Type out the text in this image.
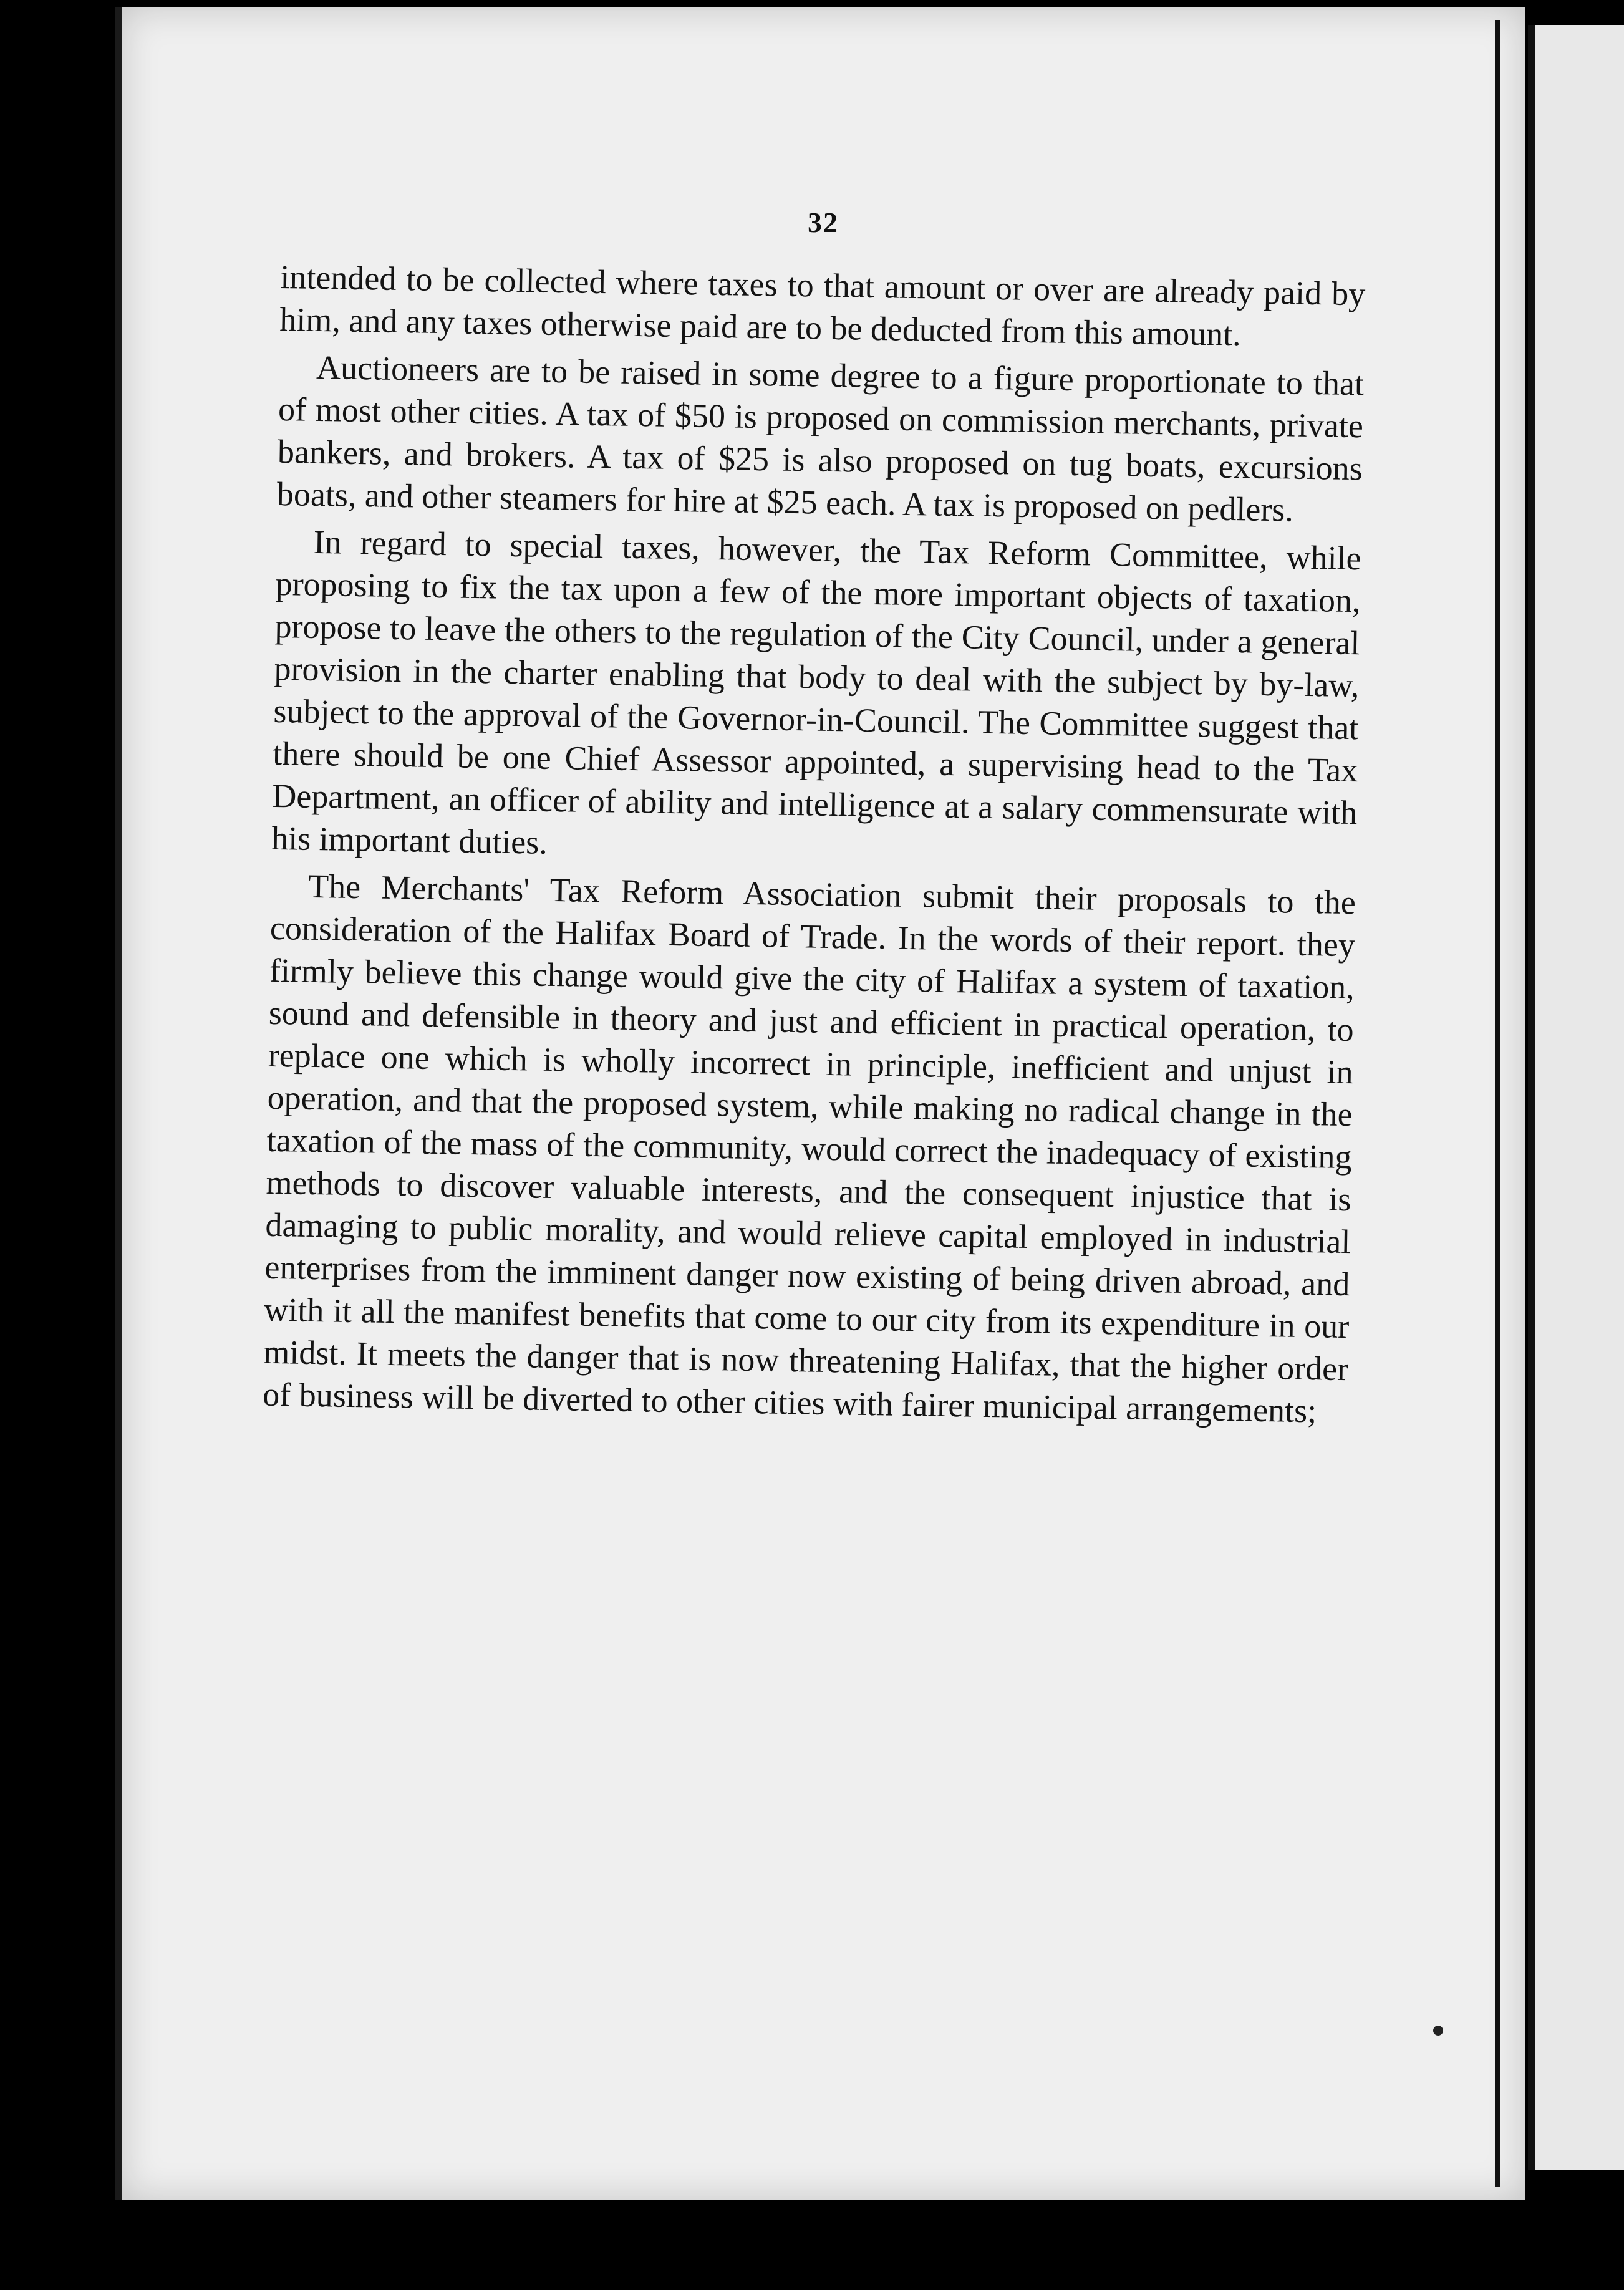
32

intended to be collected where taxes to that amount or over are already paid by him, and any taxes otherwise paid are to be deducted from this amount.

Auctioneers are to be raised in some degree to a figure proportionate to that of most other cities. A tax of $50 is proposed on commission merchants, private bankers, and brokers. A tax of $25 is also proposed on tug boats, excursions boats, and other steamers for hire at $25 each. A tax is proposed on pedlers.

In regard to special taxes, however, the Tax Reform Committee, while proposing to fix the tax upon a few of the more important objects of taxation, propose to leave the others to the regulation of the City Council, under a general provision in the charter enabling that body to deal with the subject by by-law, subject to the approval of the Governor-in-Council. The Committee suggest that there should be one Chief Assessor appointed, a supervising head to the Tax Department, an officer of ability and intelligence at a salary commensurate with his important duties.

The Merchants' Tax Reform Association submit their proposals to the consideration of the Halifax Board of Trade. In the words of their report. they firmly believe this change would give the city of Halifax a system of taxation, sound and defensible in theory and just and efficient in practical operation, to replace one which is wholly incorrect in principle, inefficient and unjust in operation, and that the proposed system, while making no radical change in the taxation of the mass of the community, would correct the inadequacy of existing methods to discover valuable interests, and the consequent injustice that is damaging to public morality, and would relieve capital employed in industrial enterprises from the imminent danger now existing of being driven abroad, and with it all the manifest benefits that come to our city from its expenditure in our midst. It meets the danger that is now threatening Halifax, that the higher order of business will be diverted to other cities with fairer municipal arrangements;
